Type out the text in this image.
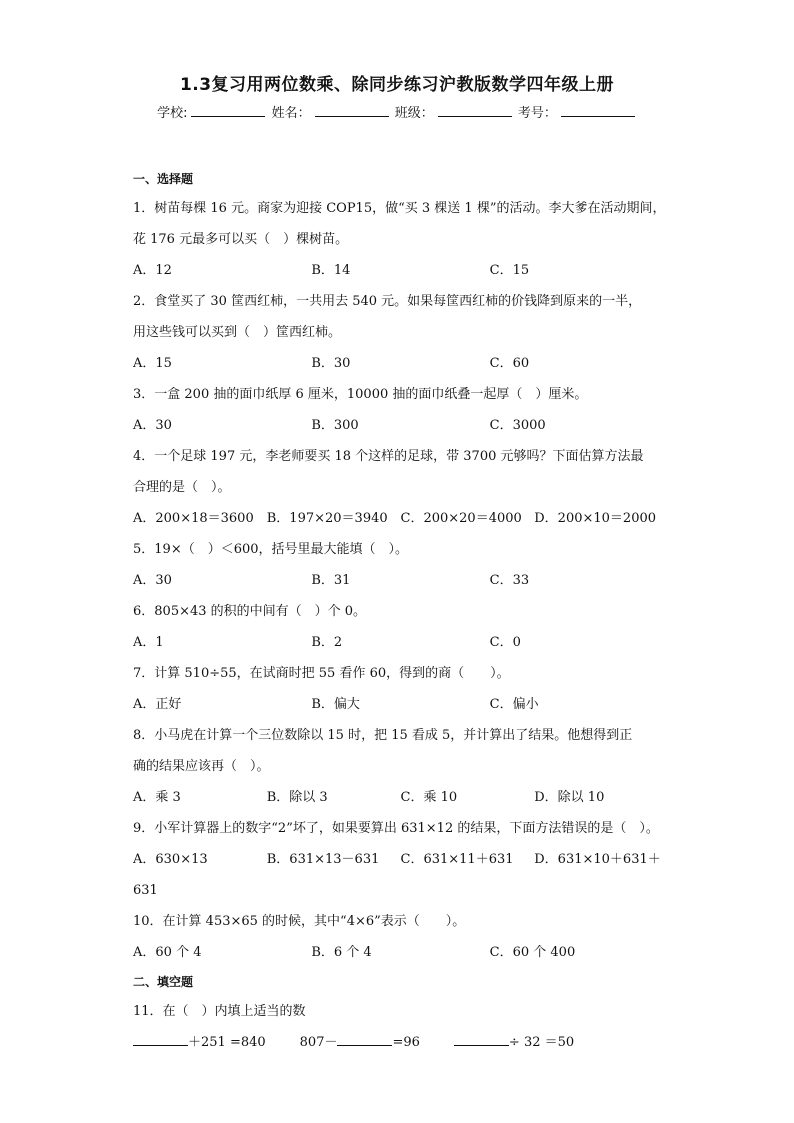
1.3复习用两位数乘、除同步练习沪教版数学四年级上册
学校:	姓名：	班级：	考号：
一、选择题
1．树苗每棵 16 元。商家为迎接 COP15，做“买 3 棵送 1 棵”的活动。李大爹在活动期间，
花 176 元最多可以买（　）棵树苗。
A．12	B．14	C．15
2．食堂买了 30 筐西红柿，一共用去 540 元。如果每筐西红柿的价钱降到原来的一半，
用这些钱可以买到（　）筐西红柿。
A．15	B．30	C．60
3．一盒 200 抽的面巾纸厚 6 厘米，10000 抽的面巾纸叠一起厚（　）厘米。
A．30	B．300	C．3000
4．一个足球 197 元，李老师要买 18 个这样的足球，带 3700 元够吗？下面估算方法最
合理的是（　）。
A．200×18＝3600	B．197×20＝3940 C．200×20＝4000 D．200×10＝2000
5．19×（　）＜600，括号里最大能填（　）。
A．30	B．31	C．33
6．805×43 的积的中间有（　）个 0。
A．1	B．2	C．0
7．计算 510÷55，在试商时把 55 看作 60，得到的商（　　）。
A．正好	B．偏大	C．偏小
8．小马虎在计算一个三位数除以 15 时，把 15 看成 5，并计算出了结果。他想得到正
确的结果应该再（　）。
A．乘 3	B．除以 3	C．乘 10	D．除以 10
9．小军计算器上的数字“2”坏了，如果要算出 631×12 的结果，下面方法错误的是（　）。
A．630×13	B．631×13－631	C．631×11＋631	D．631×10＋631＋
631
10．在计算 453×65 的时候，其中“4×6”表示（　　）。
A．60 个 4	B．6 个 4	C．60 个 400
二、填空题
11．在（　）内填上适当的数
＋251 =840	807－	=96	÷ 32 ＝50
